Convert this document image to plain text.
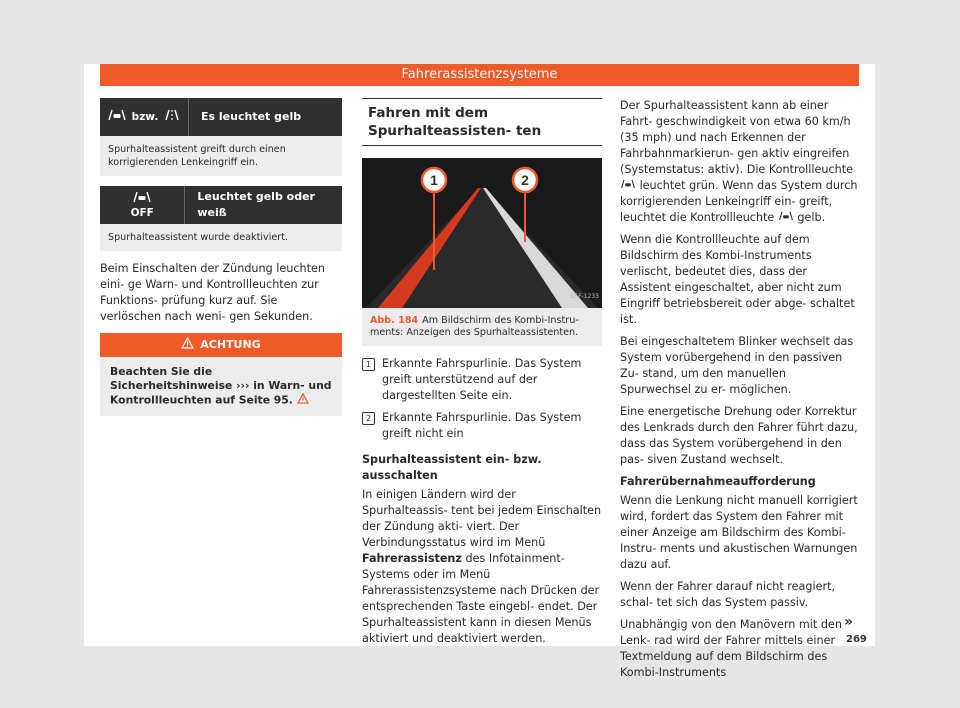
Fahrerassistenzsysteme
bzw.	Es leuchtet gelb
Spurhalteassistent greift durch einen korrigierenden Lenkeingriff ein.
OFF
Leuchtet gelb oder weiß
Spurhalteassistent wurde deaktiviert.

Beim Einschalten der Zündung leuchten eini- ge Warn- und Kontrollleuchten zur Funktions- prüfung kurz auf. Sie verlöschen nach weni- gen Sekunden.

ACHTUNG
Beachten Sie die Sicherheitshinweise ››› in Warn- und Kontrollleuchten auf Seite 95.
Fahren mit dem Spurhalteassisten- ten
1	2
B5F-1233
Abb. 184 Am Bildschirm des Kombi-Instru- ments: Anzeigen des Spurhalteassistenten.
1 Erkannte Fahrspurlinie. Das System greift unterstützend auf der dargestellten Seite ein.
2 Erkannte Fahrspurlinie. Das System greift nicht ein
Spurhalteassistent ein- bzw. ausschalten

In einigen Ländern wird der Spurhalteassis- tent bei jedem Einschalten der Zündung akti- viert. Der Verbindungsstatus wird im Menü Fahrerassistenz des Infotainment-Systems oder im Menü Fahrerassistenzsysteme nach Drücken der entsprechenden Taste eingebl- endet. Der Spurhalteassistent kann in diesen Menüs aktiviert und deaktiviert werden.

Der Spurhalteassistent kann ab einer Fahrt- geschwindigkeit von etwa 60 km/h (35 mph) und nach Erkennen der Fahrbahnmarkierun- gen aktiv eingreifen (Systemstatus: aktiv). Die Kontrollleuchte  leuchtet grün. Wenn das System durch korrigierenden Lenkeingriff ein- greift, leuchtet die Kontrollleuchte gelb.

Wenn die Kontrollleuchte auf dem Bildschirm des Kombi-Instruments verlischt, bedeutet dies, dass der Assistent eingeschaltet, aber nicht zum Eingriff betriebsbereit oder abge- schaltet ist.

Bei eingeschaltetem Blinker wechselt das System vorübergehend in den passiven Zu- stand, um den manuellen Spurwechsel zu er- möglichen.

Eine energetische Drehung oder Korrektur des Lenkrads durch den Fahrer führt dazu, dass das System vorübergehend in den pas- siven Zustand wechselt.

Fahrerübernahmeaufforderung

Wenn die Lenkung nicht manuell korrigiert wird, fordert das System den Fahrer mit einer Anzeige am Bildschirm des Kombi-Instru- ments und akustischen Warnungen dazu auf.

Wenn der Fahrer darauf nicht reagiert, schal- tet sich das System passiv.

Unabhängig von den Manövern mit den Lenk- rad wird der Fahrer mittels einer Textmeldung auf dem Bildschirm des Kombi-Instruments

»
269
